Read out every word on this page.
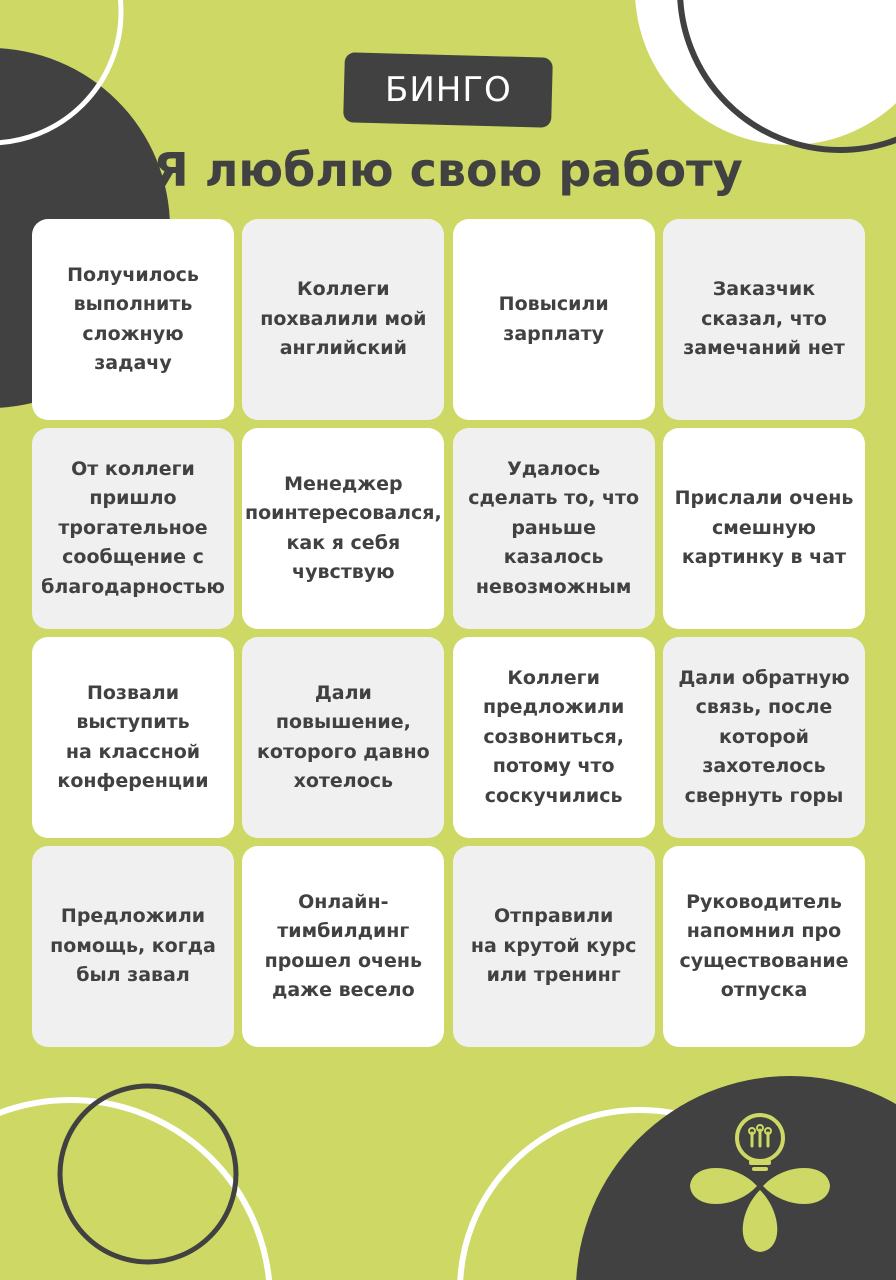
БИНГО
Я люблю свою работу
Получилось
выполнить
сложную
задачу
Коллеги
похвалили мой
английский
Повысили
зарплату
Заказчик
сказал, что
замечаний нет
От коллеги
пришло
трогательное
сообщение с
благодарностью
Менеджер
поинтересовался,
как я себя
чувствую
Удалось
сделать то, что
раньше
казалось
невозможным
Прислали очень
смешную
картинку в чат
Позвали
выступить
на классной
конференции
Дали
повышение,
которого давно
хотелось
Коллеги
предложили
созвониться,
потому что
соскучились
Дали обратную
связь, после
которой
захотелось
свернуть горы
Предложили
помощь, когда
был завал
Онлайн-
тимбилдинг
прошел очень
даже весело
Отправили
на крутой курс
или тренинг
Руководитель
напомнил про
существование
отпуска
